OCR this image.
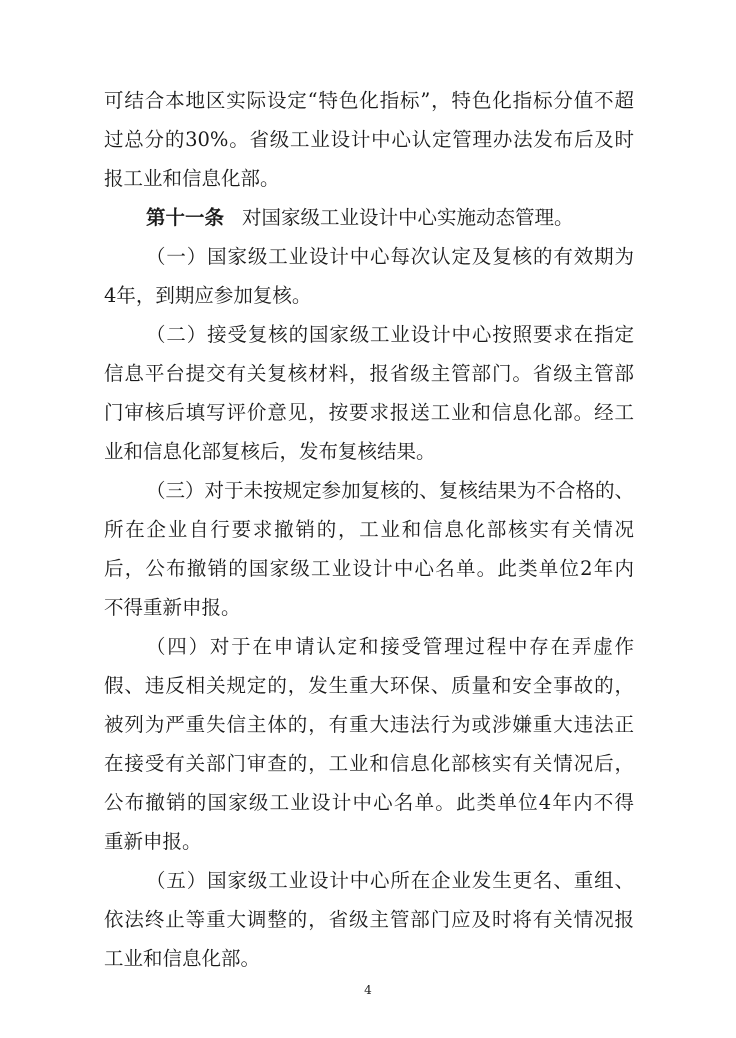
可结合本地区实际设定“特色化指标”，特色化指标分值不超
过总分的30%。省级工业设计中心认定管理办法发布后及时
报工业和信息化部。
第十一条 对国家级工业设计中心实施动态管理。
（一）国家级工业设计中心每次认定及复核的有效期为
4年，到期应参加复核。
（二）接受复核的国家级工业设计中心按照要求在指定
信息平台提交有关复核材料，报省级主管部门。省级主管部
门审核后填写评价意见，按要求报送工业和信息化部。经工
业和信息化部复核后，发布复核结果。
（三）对于未按规定参加复核的、复核结果为不合格的、
所在企业自行要求撤销的，工业和信息化部核实有关情况
后，公布撤销的国家级工业设计中心名单。此类单位2年内
不得重新申报。
（四）对于在申请认定和接受管理过程中存在弄虚作
假、违反相关规定的，发生重大环保、质量和安全事故的，
被列为严重失信主体的，有重大违法行为或涉嫌重大违法正
在接受有关部门审查的，工业和信息化部核实有关情况后，
公布撤销的国家级工业设计中心名单。此类单位4年内不得
重新申报。
（五）国家级工业设计中心所在企业发生更名、重组、
依法终止等重大调整的，省级主管部门应及时将有关情况报
工业和信息化部。
4
